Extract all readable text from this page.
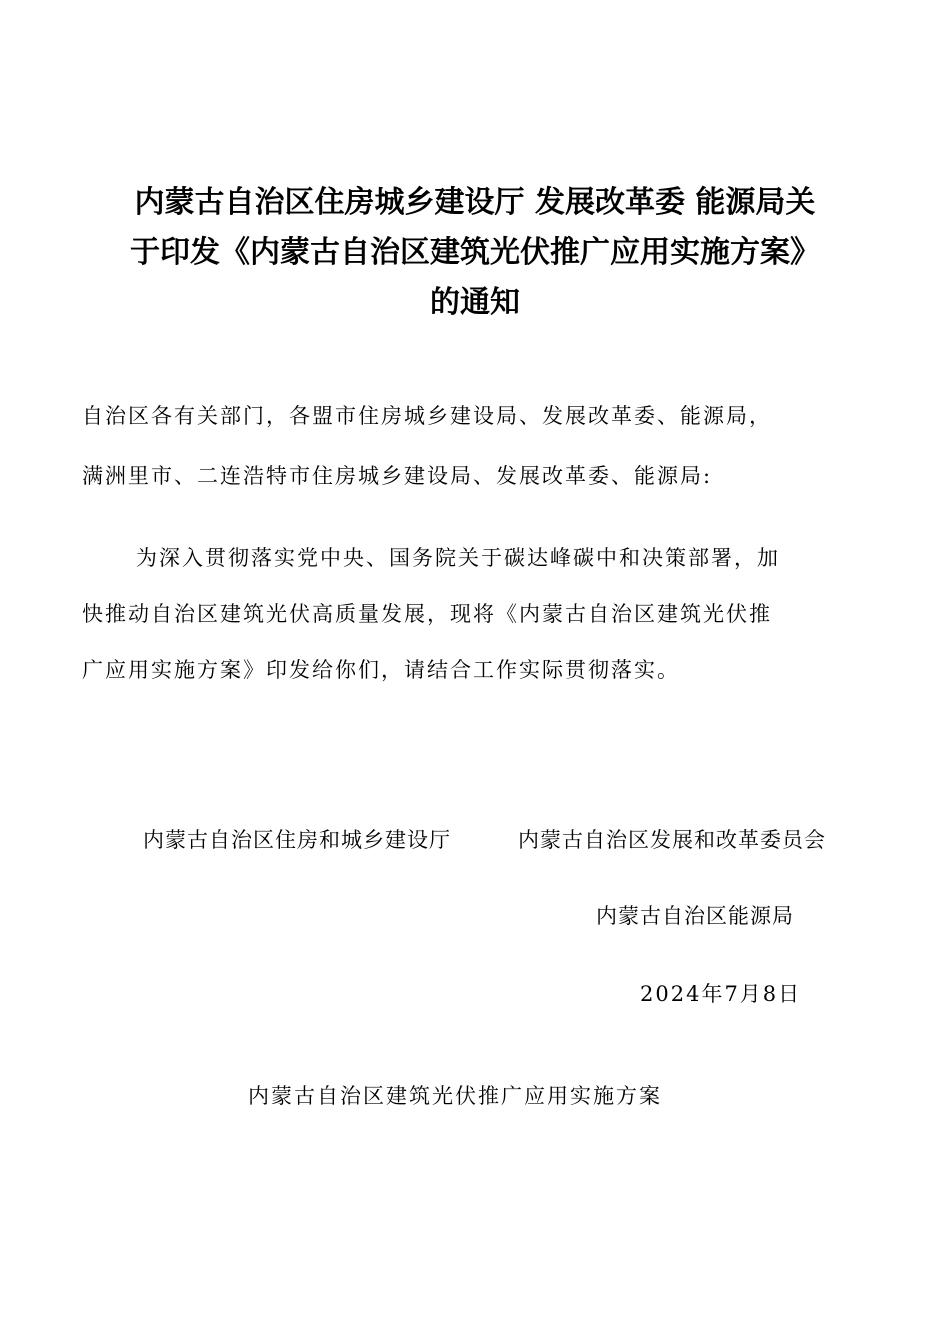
内蒙古自治区住房城乡建设厅 发展改革委 能源局关
于印发《内蒙古自治区建筑光伏推广应用实施方案》
的通知
自治区各有关部门，各盟市住房城乡建设局、发展改革委、能源局，
满洲里市、二连浩特市住房城乡建设局、发展改革委、能源局:
为深入贯彻落实党中央、国务院关于碳达峰碳中和决策部署，加
快推动自治区建筑光伏高质量发展，现将《内蒙古自治区建筑光伏推
广应用实施方案》印发给你们，请结合工作实际贯彻落实。
内蒙古自治区住房和城乡建设厅	内蒙古自治区发展和改革委员会
内蒙古自治区能源局
2024年7月8日
内蒙古自治区建筑光伏推广应用实施方案
